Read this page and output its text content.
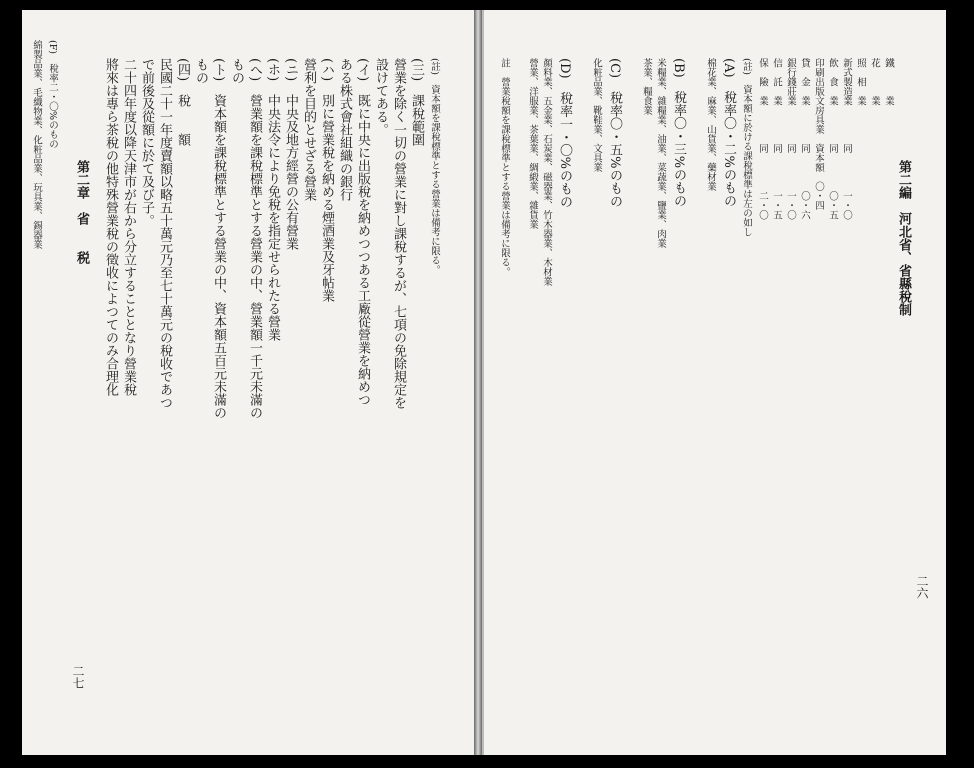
二七
第二章　省　　税 將來は專ら茶稅の他特殊營業稅の徵收によつてのみ合理化 二十四年度以降天津市が右から分立することとなり營業稅 で前後及從額に於て及び子。 民國二十一年度賣額以略五十萬元乃至七十萬元の稅收であつ (四)　稅　　額 もの (ト)　資本額を課稅標準とする營業の中、資本額五百元未滿の もの (へ)　營業額を課稅標準とする營業の中、營業額一千元未滿の (ホ)　中央法令により免稅を指定せられたる營業 (ニ)　中央及地方經營の公有營業 營利を目的とせざる營業 (ハ)　別に營業稅を納める煙酒業及牙帖業 ある株式會社組織の銀行 (イ)　既に中央に出版稅を納めつつある工廠從營業を納めつ 設けてある。 營業を除く一切の營業に對し課稅するが、七項の免除規定を (三)　課稅範圍 (註)　資本額を課稅標準とする營業は備考に限る。
綿製品業、毛織物業、化粧品業、玩具業、錫器業 (F)　稅率二・〇%のもの
二六
第二編　河北省、省縣稅制
註　營業稅額を課稅標準とする營業は備考に限る。 營業、洋服業、茶葉業、綢緞業、雜貨業 顏料業、五金業、石炭業、磁器業、竹木器業、木材業 (D)　稅率一・〇%のもの 化粧品業、靴鞋業、文具業 (C)　稅率〇・五%のもの 茶業、糧食業 米糧業、雜糧業、油業、菜蔬業、鹽業、肉業 (B)　稅率〇・三%のもの 棉花業、麻業、山貨業、藥材業 (A)　稅率〇・二%のもの (註)　資本額に於ける課稅標準は左の如し 保　險　業　　　　同　　　　二・〇 信　託　業　　　　同　　　　一・五 銀行錢莊業　　　　同　　　　一・〇 貸　金　業　　　　同　　　　〇・六 印刷出版文房具業　資本額　〇・四 飲　食　業　　　　同　　　　〇・五 新式製造業　　　　同　　　　一・〇 照　相　業 花　　　業 鐵　　　業
